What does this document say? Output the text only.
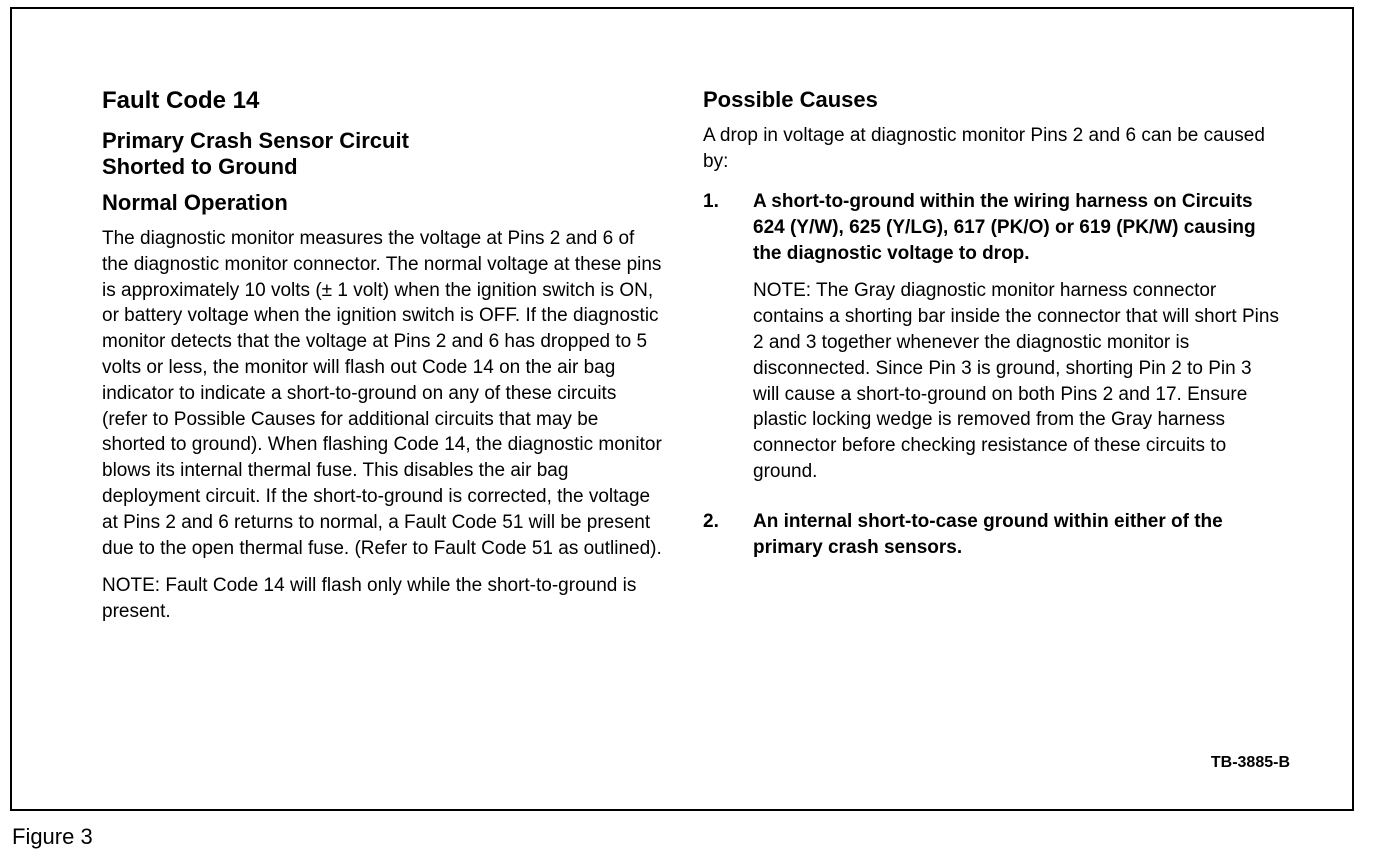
Fault Code 14
Primary Crash Sensor Circuit
Shorted to Ground
Normal Operation

The diagnostic monitor measures the voltage at Pins 2 and 6 of the diagnostic monitor connector. The normal voltage at these pins is approximately 10 volts (± 1 volt) when the ignition switch is ON, or battery voltage when the ignition switch is OFF. If the diagnostic monitor detects that the voltage at Pins 2 and 6 has dropped to 5 volts or less, the monitor will flash out Code 14 on the air bag indicator to indicate a short-to-ground on any of these circuits (refer to Possible Causes for additional circuits that may be shorted to ground). When flashing Code 14, the diagnostic monitor blows its internal thermal fuse. This disables the air bag deployment circuit. If the short-to-ground is corrected, the voltage at Pins 2 and 6 returns to normal, a Fault Code 51 will be present due to the open thermal fuse. (Refer to Fault Code 51 as outlined).

NOTE: Fault Code 14 will flash only while the short-to-ground is present.

Possible Causes

A drop in voltage at diagnostic monitor Pins 2 and 6 can be caused by:

1.	A short-to-ground within the wiring harness on Circuits 624 (Y/W), 625 (Y/LG), 617 (PK/O) or 619 (PK/W) causing the diagnostic voltage to drop.

NOTE: The Gray diagnostic monitor harness connector contains a shorting bar inside the connector that will short Pins 2 and 3 together whenever the diagnostic monitor is disconnected. Since Pin 3 is ground, shorting Pin 2 to Pin 3 will cause a short-to-ground on both Pins 2 and 17. Ensure plastic locking wedge is removed from the Gray harness connector before checking resistance of these circuits to ground.

2.	An internal short-to-case ground within either of the primary crash sensors.

TB-3885-B
Figure 3
